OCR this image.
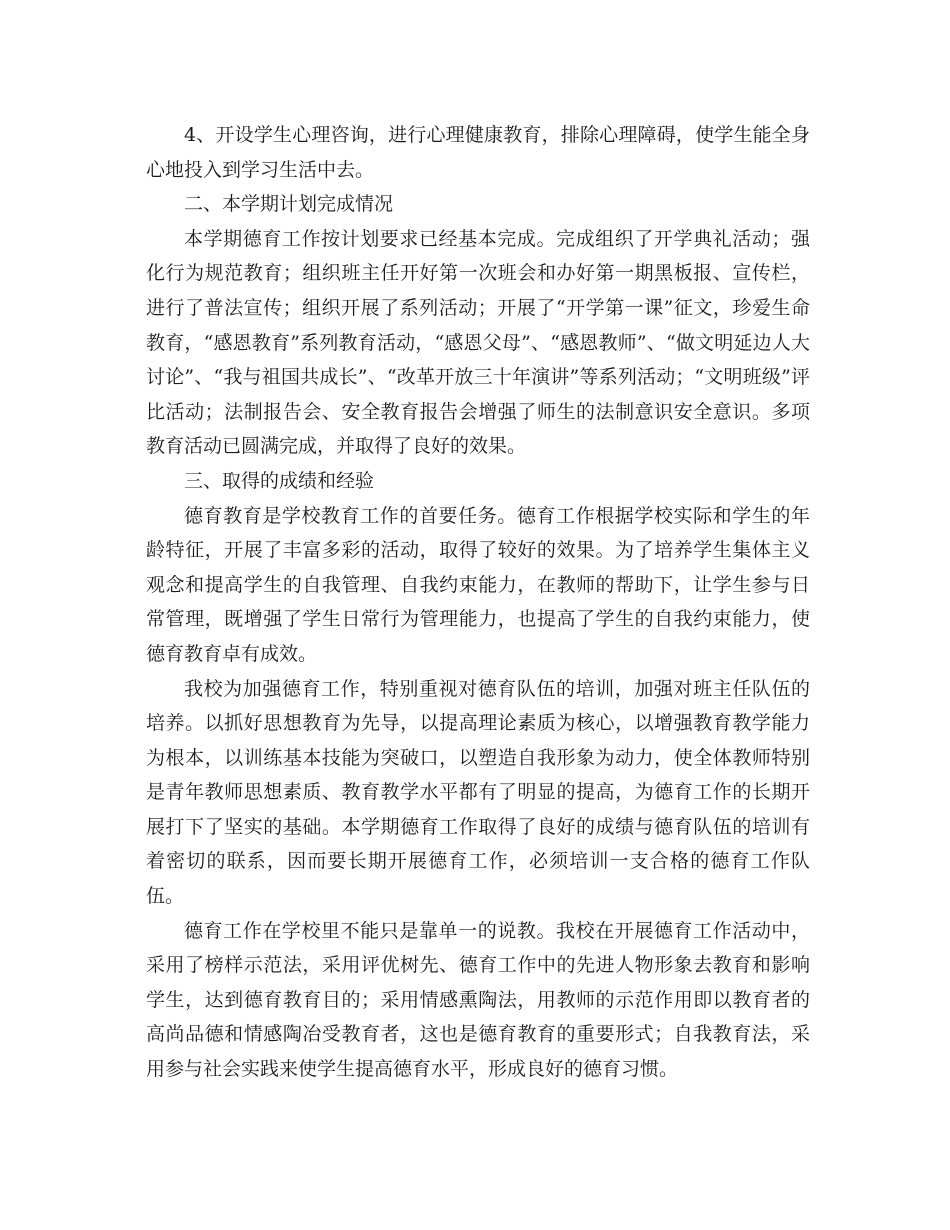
4、开设学生心理咨询，进行心理健康教育，排除心理障碍，使学生能全身心地投入到学习生活中去。

二、本学期计划完成情况

本学期德育工作按计划要求已经基本完成。完成组织了开学典礼活动；强化行为规范教育；组织班主任开好第一次班会和办好第一期黑板报、宣传栏，进行了普法宣传；组织开展了系列活动；开展了“开学第一课”征文，珍爱生命教育，“感恩教育”系列教育活动，“感恩父母”、“感恩教师”、“做文明延边人大讨论”、“我与祖国共成长”、“改革开放三十年演讲”等系列活动；“文明班级”评比活动；法制报告会、安全教育报告会增强了师生的法制意识安全意识。多项教育活动已圆满完成，并取得了良好的效果。

三、取得的成绩和经验

德育教育是学校教育工作的首要任务。德育工作根据学校实际和学生的年龄特征，开展了丰富多彩的活动，取得了较好的效果。为了培养学生集体主义观念和提高学生的自我管理、自我约束能力，在教师的帮助下，让学生参与日常管理，既增强了学生日常行为管理能力，也提高了学生的自我约束能力，使德育教育卓有成效。

我校为加强德育工作，特别重视对德育队伍的培训，加强对班主任队伍的培养。以抓好思想教育为先导，以提高理论素质为核心，以增强教育教学能力为根本，以训练基本技能为突破口，以塑造自我形象为动力，使全体教师特别是青年教师思想素质、教育教学水平都有了明显的提高，为德育工作的长期开展打下了坚实的基础。本学期德育工作取得了良好的成绩与德育队伍的培训有着密切的联系，因而要长期开展德育工作，必须培训一支合格的德育工作队伍。

德育工作在学校里不能只是靠单一的说教。我校在开展德育工作活动中，采用了榜样示范法，采用评优树先、德育工作中的先进人物形象去教育和影响学生，达到德育教育目的；采用情感熏陶法，用教师的示范作用即以教育者的高尚品德和情感陶冶受教育者，这也是德育教育的重要形式；自我教育法，采用参与社会实践来使学生提高德育水平，形成良好的德育习惯。
